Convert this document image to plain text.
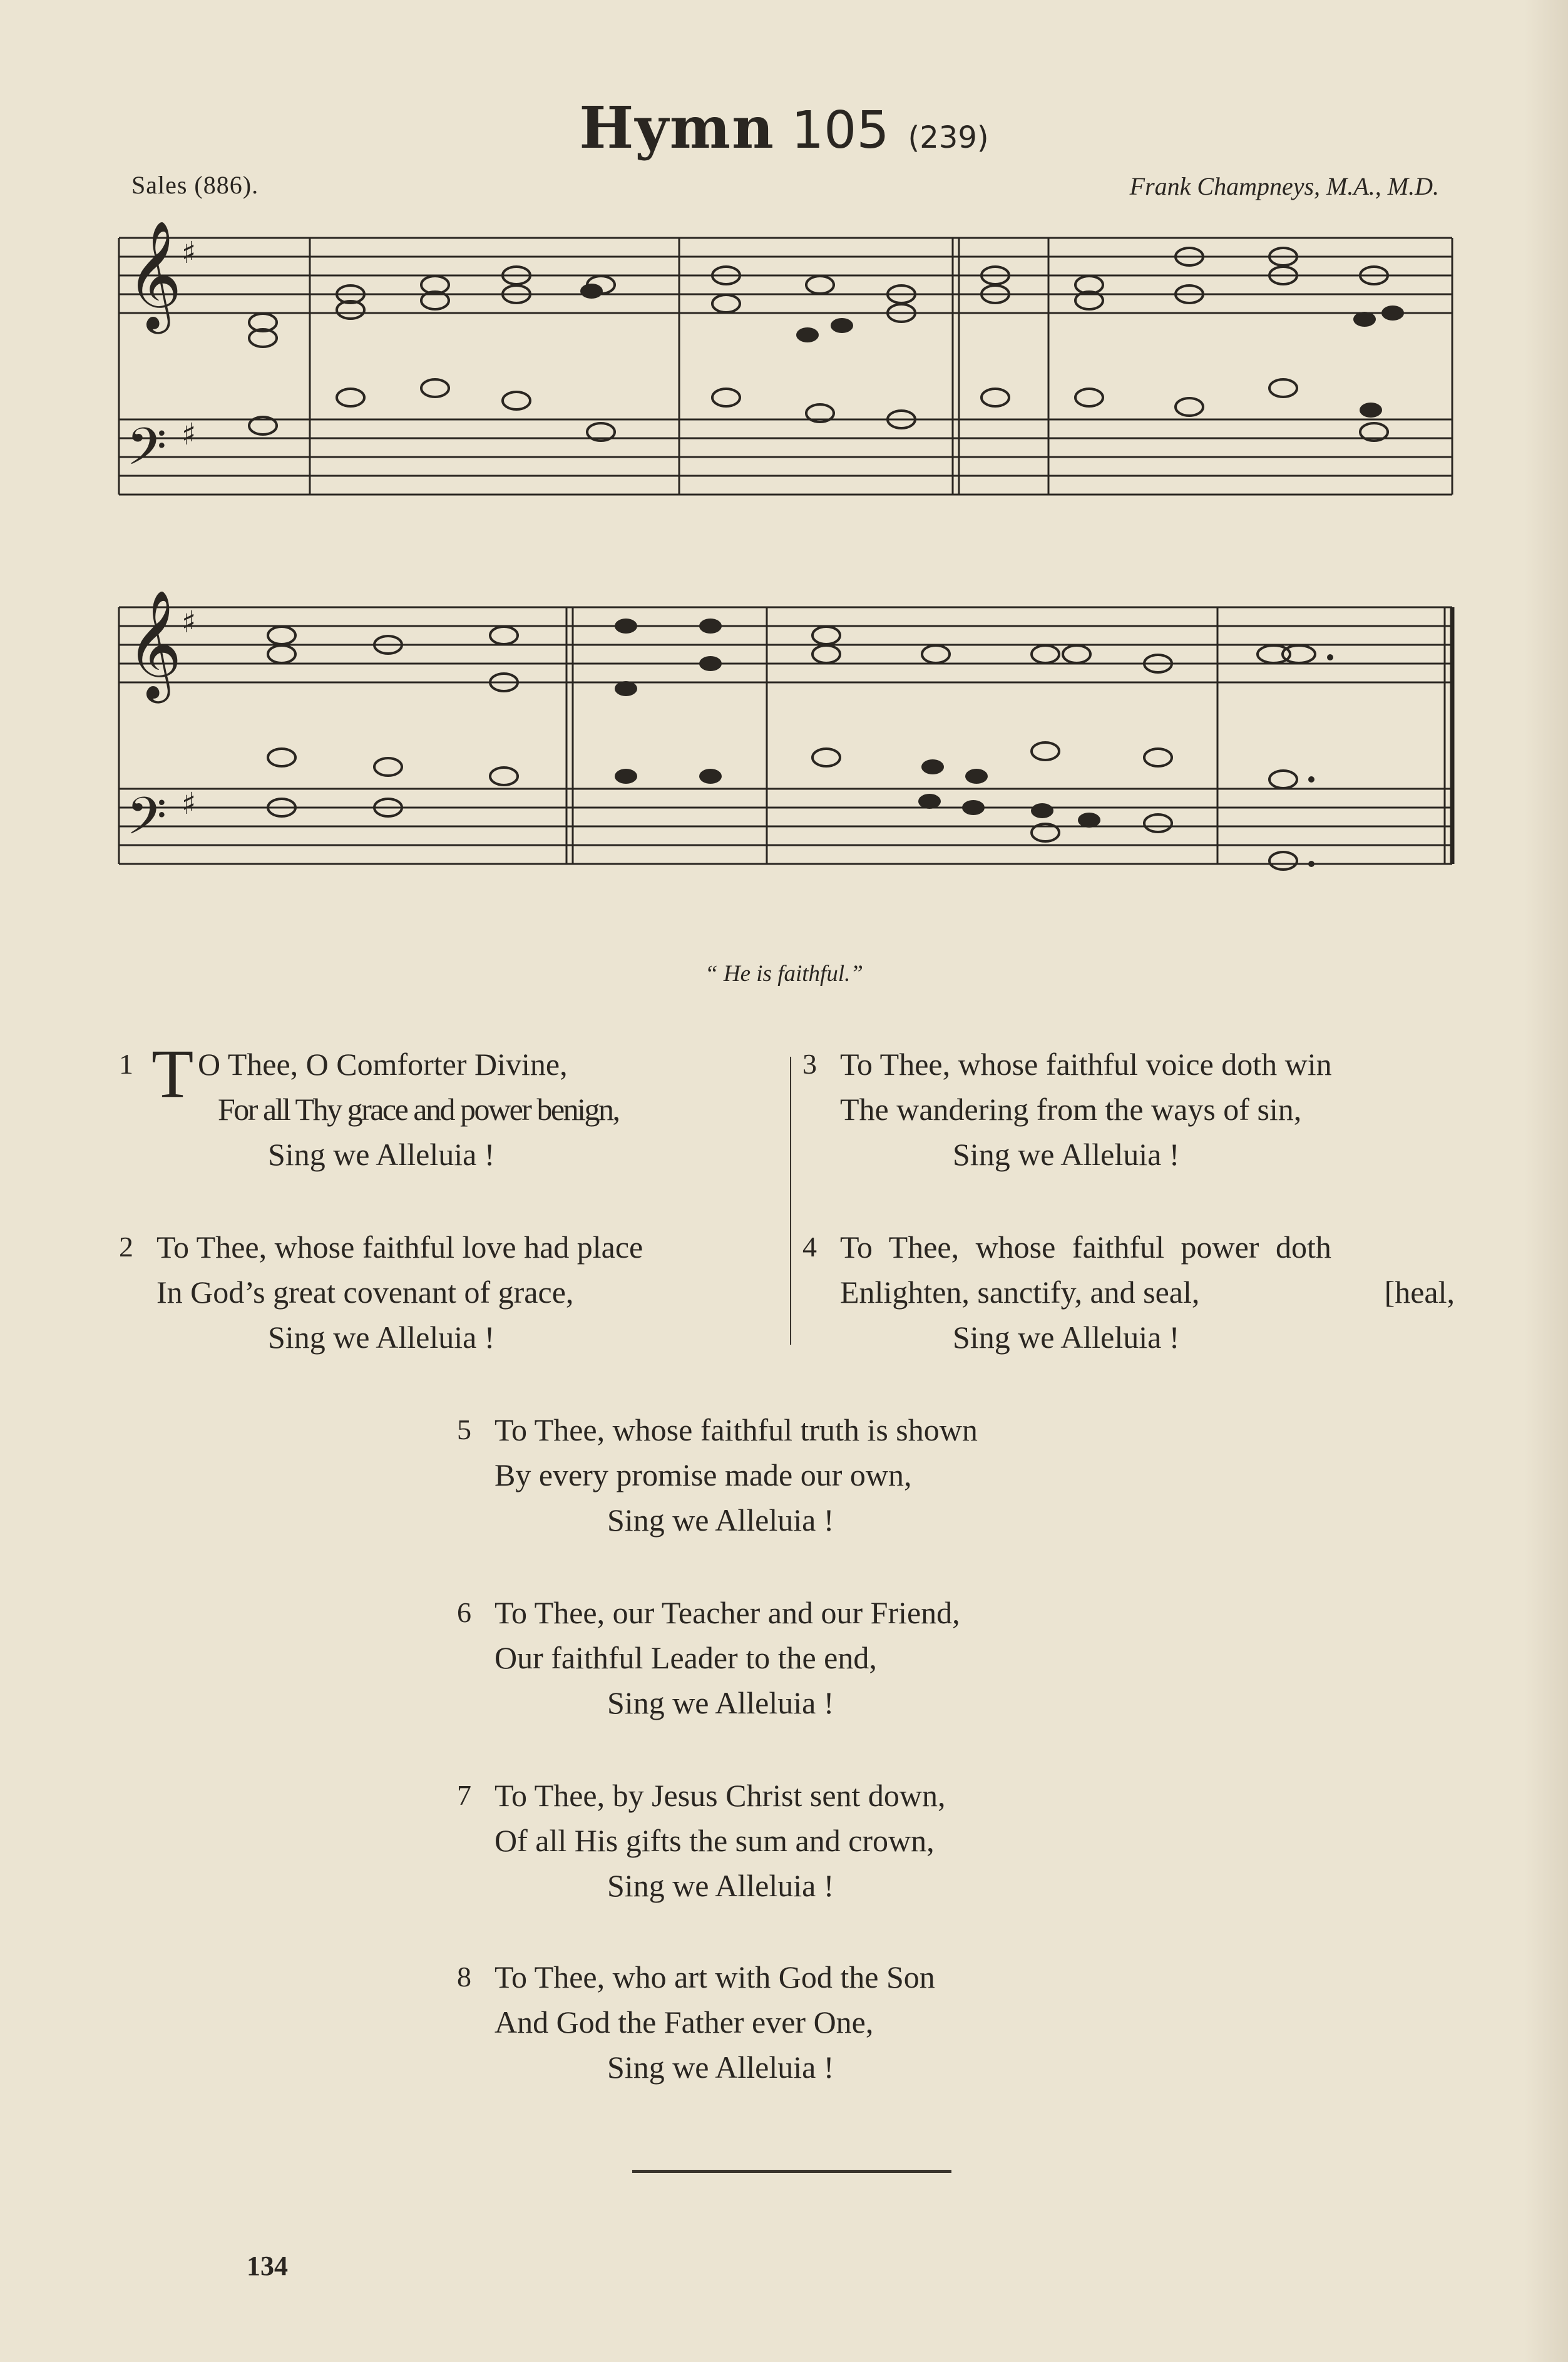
Hymn 105 (239)
Sales (886).	Frank Champneys, M.A., M.D.
𝄞
𝄢
♯
♯
𝄞
𝄢
♯
♯
“ He is faithful.”
1 T O Thee, O Comforter Divine,
For all Thy grace and power benign,
Sing we Alleluia !
2 To Thee, whose faithful love had place
In God’s great covenant of grace,
Sing we Alleluia !
3 To Thee, whose faithful voice doth win
The wandering from the ways of sin,
Sing we Alleluia !
4 To Thee, whose faithful power doth
Enlighten, sanctify, and seal,	[heal,
Sing we Alleluia !
5 To Thee, whose faithful truth is shown
By every promise made our own,
Sing we Alleluia !
6 To Thee, our Teacher and our Friend,
Our faithful Leader to the end,
Sing we Alleluia !
7 To Thee, by Jesus Christ sent down,
Of all His gifts the sum and crown,
Sing we Alleluia !
8 To Thee, who art with God the Son
And God the Father ever One,
Sing we Alleluia !
134
